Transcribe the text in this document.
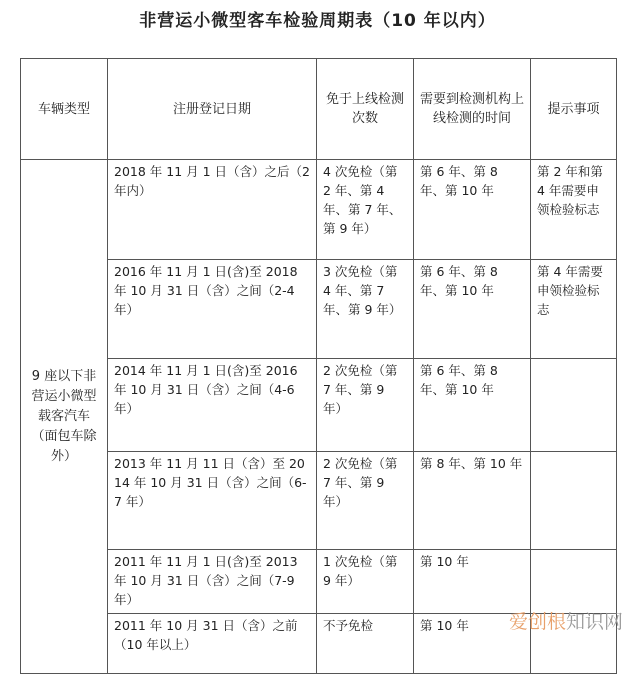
非营运小微型客车检验周期表（10 年以内）
车辆类型	注册登记日期	免于上线检测次数	需要到检测机构上线检测的时间	提示事项
9 座以下非营运小微型载客汽车（面包车除外）	2018 年 11 月 1 日（含）之后（2 年内）	4 次免检（第 2 年、第 4 年、第 7 年、第 9 年）	第 6 年、第 8 年、第 10 年	第 2 年和第 4 年需要申领检验标志
	2016 年 11 月 1 日(含)至 2018 年 10 月 31 日（含）之间（2-4 年）	3 次免检（第 4 年、第 7 年、第 9 年）	第 6 年、第 8 年、第 10 年	第 4 年需要申领检验标志
	2014 年 11 月 1 日(含)至 2016 年 10 月 31 日（含）之间（4-6 年）	2 次免检（第 7 年、第 9 年）	第 6 年、第 8 年、第 10 年	
	2013 年 11 月 11 日（含）至 2014 年 10 月 31 日（含）之间（6-7 年）	2 次免检（第 7 年、第 9 年）	第 8 年、第 10 年	
	2011 年 11 月 1 日(含)至 2013 年 10 月 31 日（含）之间（7-9 年）	1 次免检（第 9 年）	第 10 年	
	2011 年 10 月 31 日（含）之前（10 年以上）	不予免检	第 10 年	爱创根知识网
